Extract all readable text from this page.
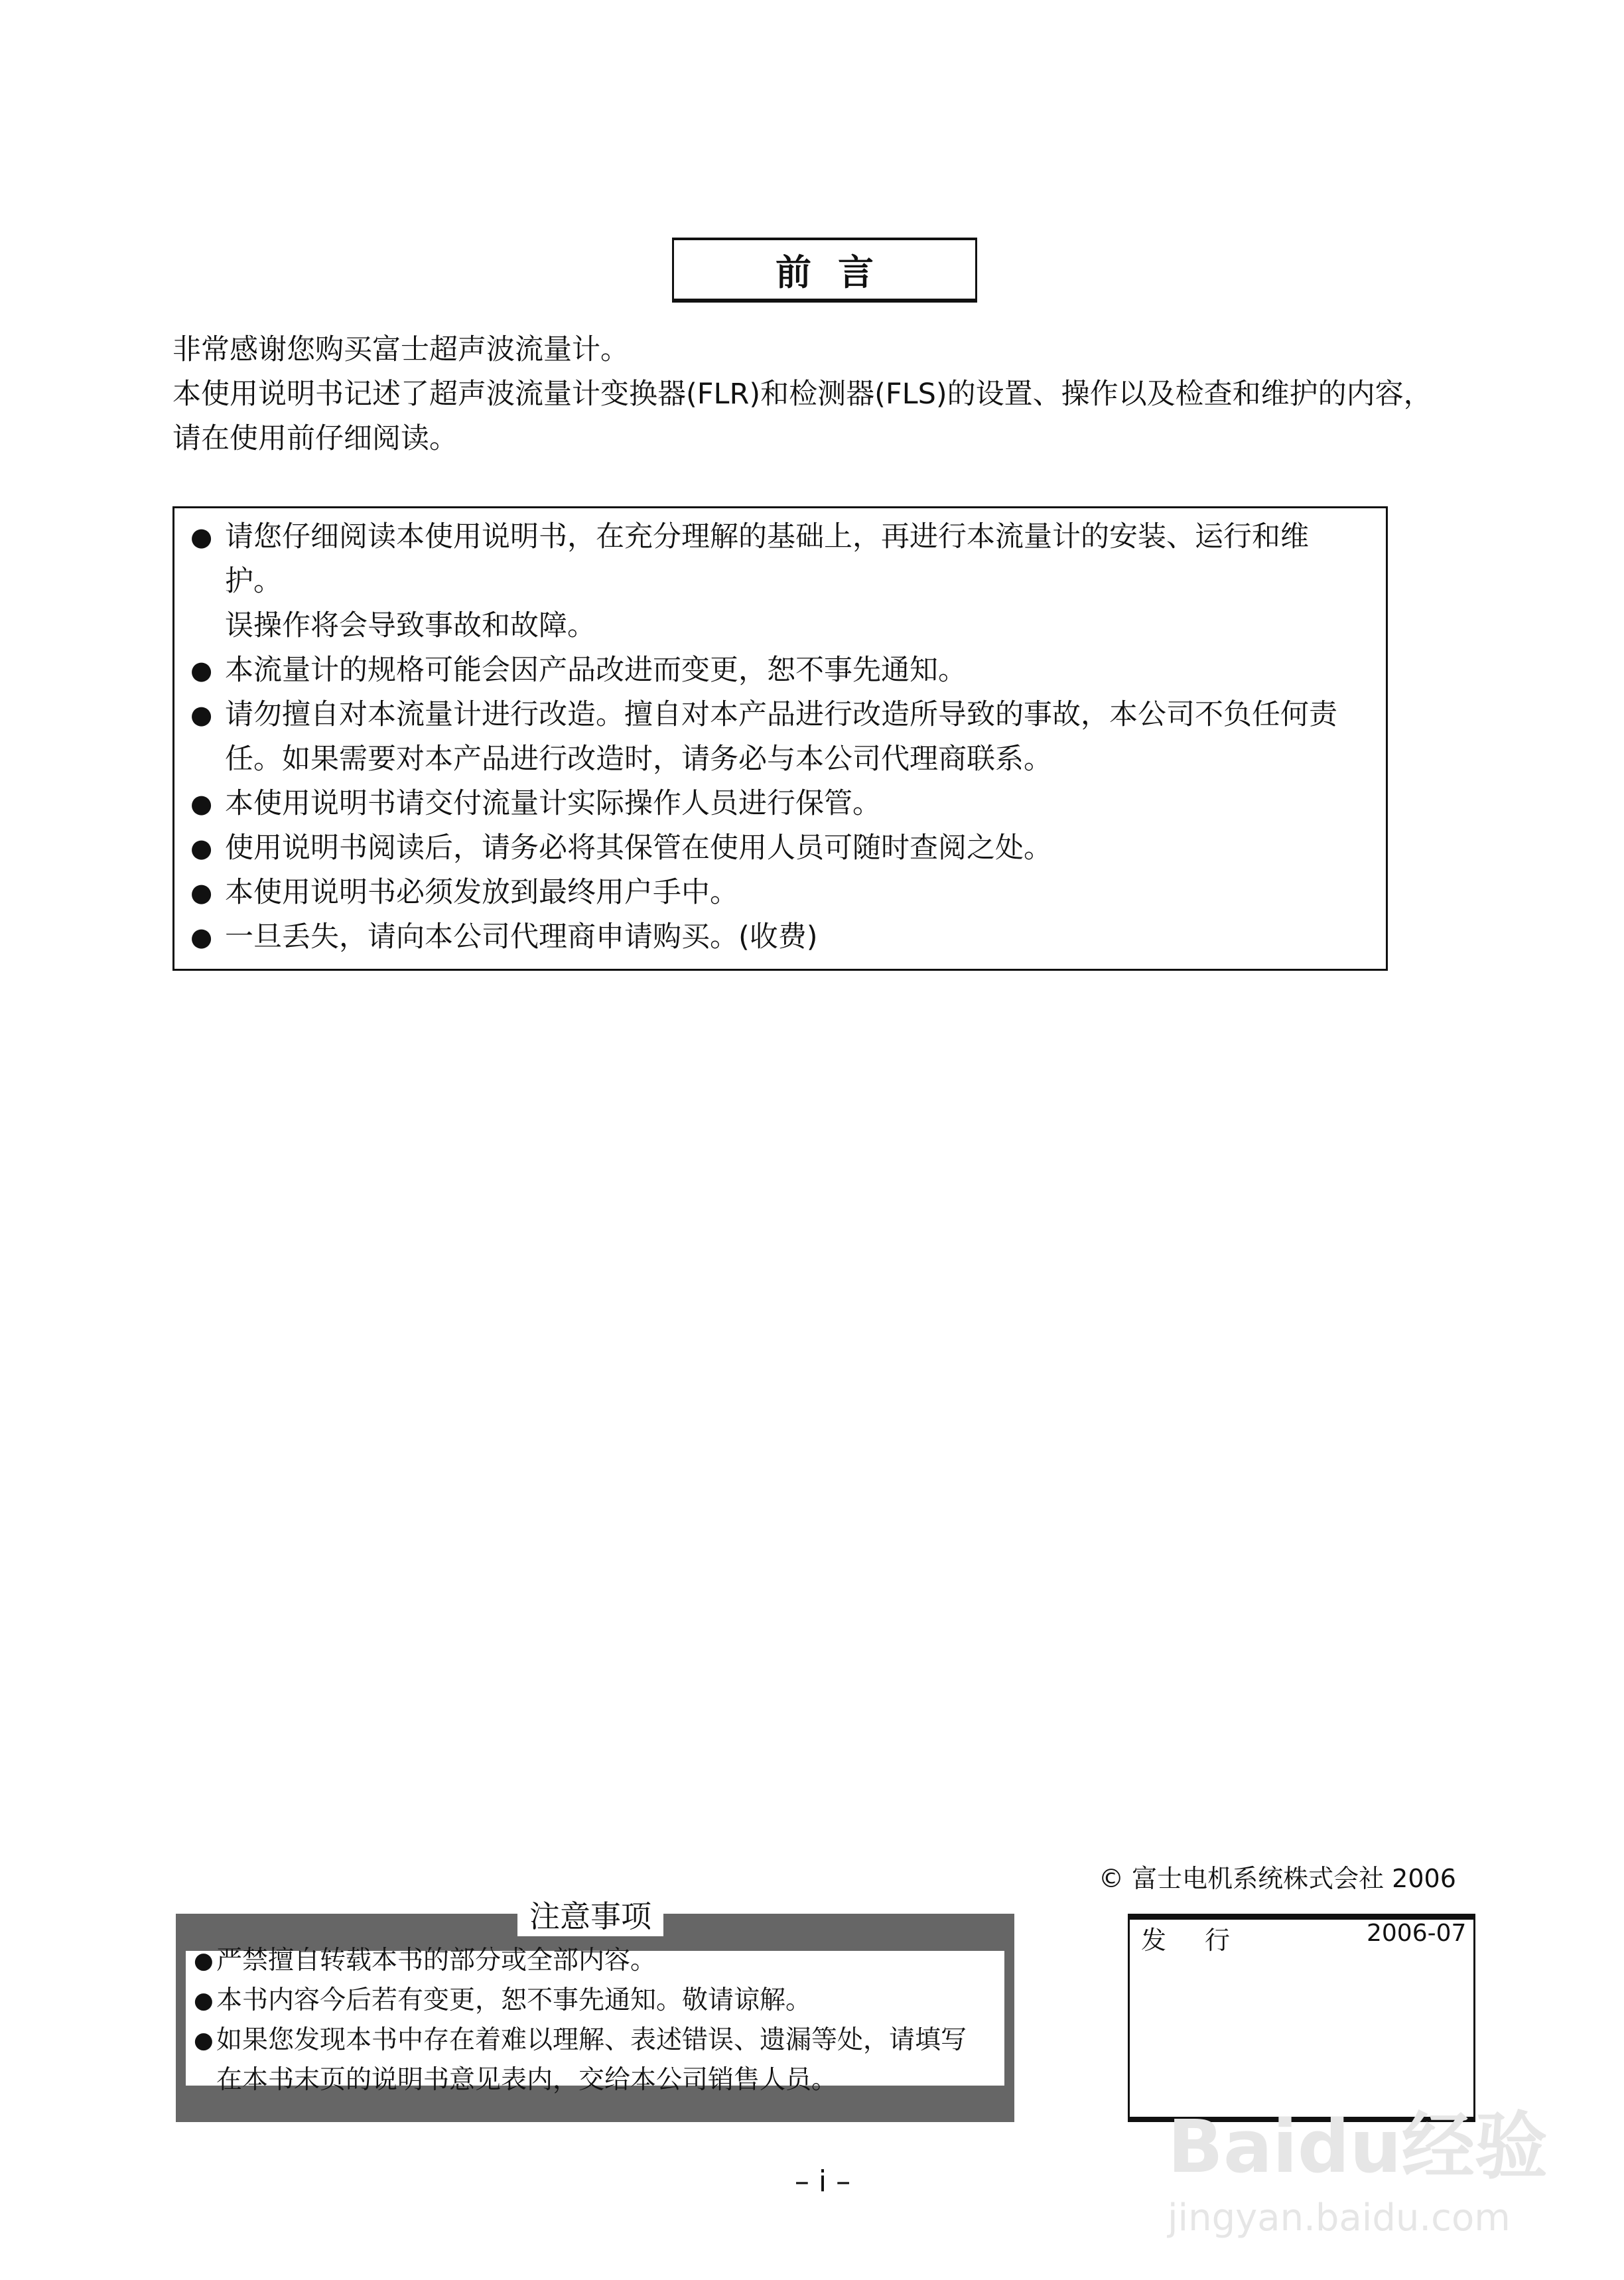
前言
非常感谢您购买富士超声波流量计。
本使用说明书记述了超声波流量计变换器(FLR)和检测器(FLS)的设置、操作以及检查和维护的内容，
请在使用前仔细阅读。
● 请您仔细阅读本使用说明书，在充分理解的基础上，再进行本流量计的安装、运行和维
护。
误操作将会导致事故和故障。
● 本流量计的规格可能会因产品改进而变更，恕不事先通知。
● 请勿擅自对本流量计进行改造。擅自对本产品进行改造所导致的事故，本公司不负任何责
任。如果需要对本产品进行改造时，请务必与本公司代理商联系。
● 本使用说明书请交付流量计实际操作人员进行保管。
● 使用说明书阅读后，请务必将其保管在使用人员可随时查阅之处。
● 本使用说明书必须发放到最终用户手中。
● 一旦丢失，请向本公司代理商申请购买。(收费)
© 富士电机系统株式会社 2006
注意事项
● 严禁擅自转载本书的部分或全部内容。
● 本书内容今后若有变更，恕不事先通知。敬请谅解。
● 如果您发现本书中存在着难以理解、表述错误、遗漏等处，请填写
在本书末页的说明书意见表内，交给本公司销售人员。
发行	2006-07
– i –	Baidu经验
jingyan.baidu.com
